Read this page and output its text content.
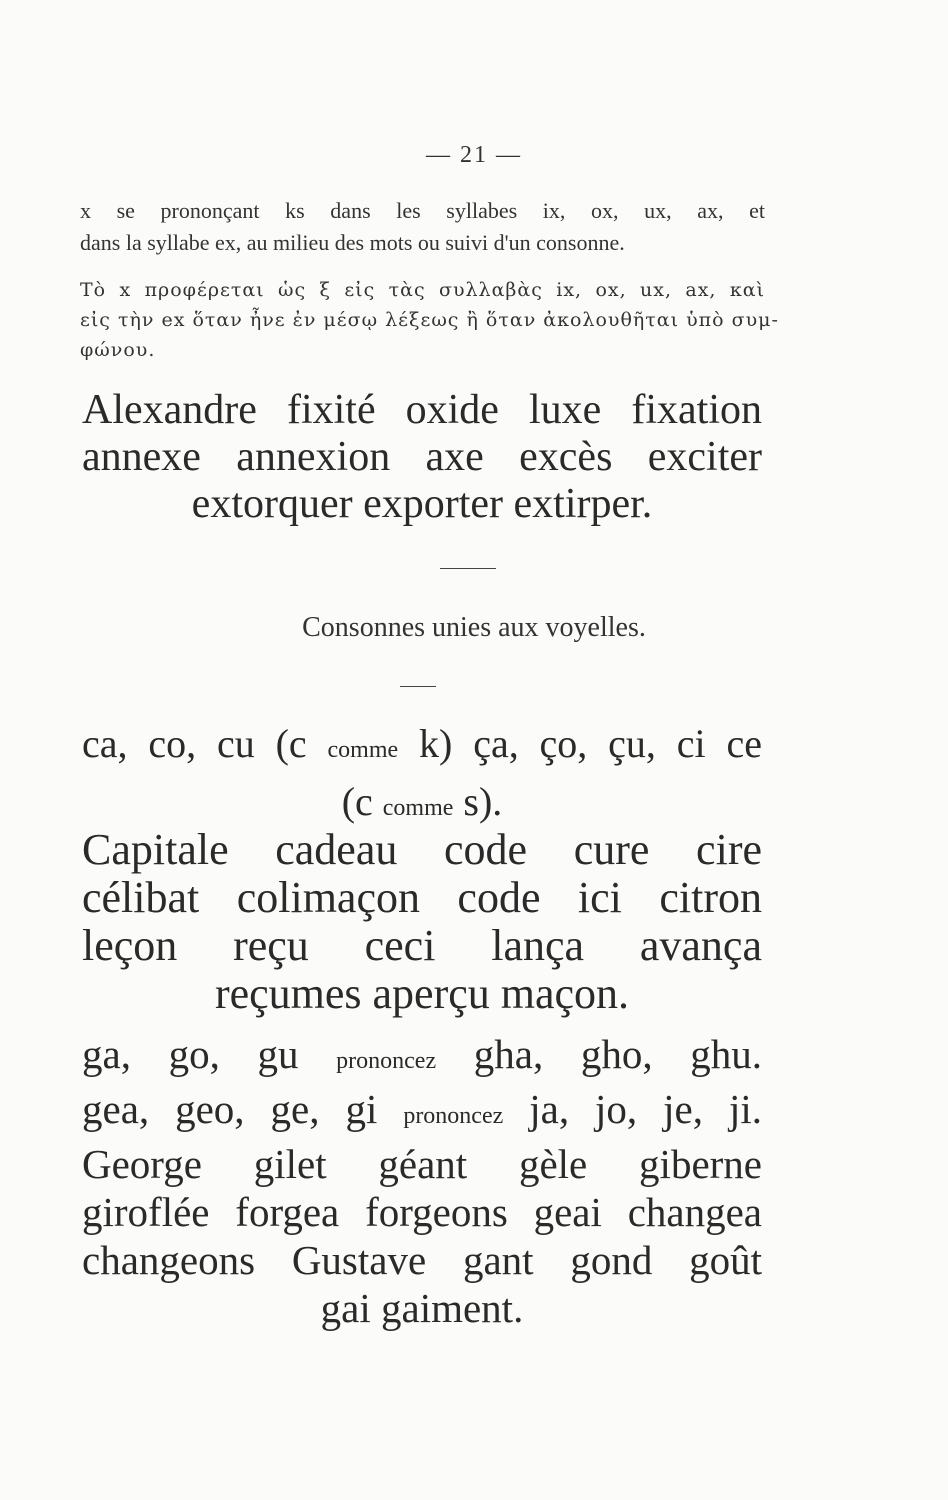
— 21 —
x se prononçant ks dans les syllabes ix, ox, ux, ax, et
dans la syllabe ex, au milieu des mots ou suivi d'un consonne.
Τὸ x προφέρεται ὡς ξ εἰς τὰς συλλαβὰς ix, ox, ux, ax, καὶ
εἰς τὴν ex ὅταν ἦνε ἐν μέσῳ λέξεως ἢ ὅταν ἀκολουθῆται ὑπὸ συμ-
φώνου.
Alexandre fixité oxide luxe fixation
annexe annexion axe excès exciter
extorquer exporter extirper.
Consonnes unies aux voyelles.
ca, co, cu (c comme k) ça, ço, çu, ci ce
(c comme s).
Capitale cadeau code cure cire
célibat colimaçon code ici citron
leçon reçu ceci lança avança
reçumes aperçu maçon.
ga, go, gu prononcez gha, gho, ghu.
gea, geo, ge, gi prononcez ja, jo, je, ji.
George gilet géant gèle giberne
giroflée forgea forgeons geai changea
changeons Gustave gant gond goût
gai gaiment.
